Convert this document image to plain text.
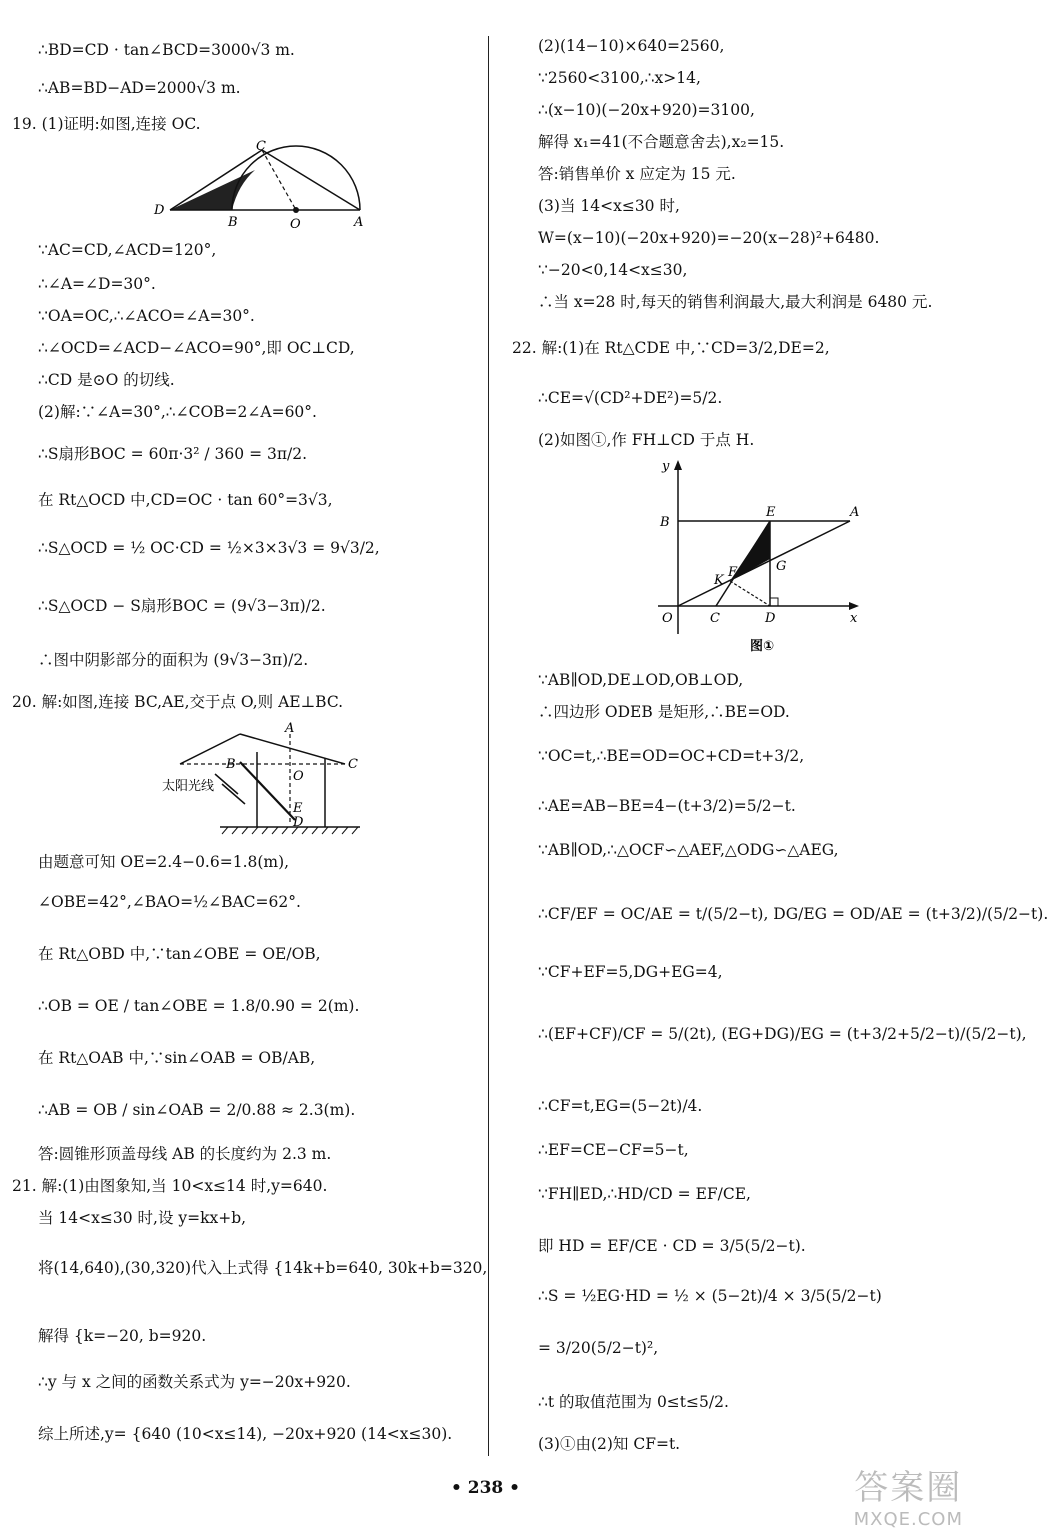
∴BD=CD · tan∠BCD=3000√3 m.
∴AB=BD−AD=2000√3 m.
19. (1)证明:如图,连接 OC.
∵AC=CD,∠ACD=120°,
∴∠A=∠D=30°.
∵OA=OC,∴∠ACO=∠A=30°.
∴∠OCD=∠ACD−∠ACO=90°,即 OC⊥CD,
∴CD 是⊙O 的切线.
(2)解:∵∠A=30°,∴∠COB=2∠A=60°.
∴S扇形BOC = 60π·3² / 360 = 3π/2.
在 Rt△OCD 中,CD=OC · tan 60°=3√3,
∴S△OCD = ½ OC·CD = ½×3×3√3 = 9√3/2,
∴S△OCD − S扇形BOC = (9√3−3π)/2.
∴图中阴影部分的面积为 (9√3−3π)/2.
20. 解:如图,连接 BC,AE,交于点 O,则 AE⊥BC.
由题意可知 OE=2.4−0.6=1.8(m),
∠OBE=42°,∠BAO=½∠BAC=62°.
在 Rt△OBD 中,∵tan∠OBE = OE/OB,
∴OB = OE / tan∠OBE = 1.8/0.90 = 2(m).
在 Rt△OAB 中,∵sin∠OAB = OB/AB,
∴AB = OB / sin∠OAB = 2/0.88 ≈ 2.3(m).
答:圆锥形顶盖母线 AB 的长度约为 2.3 m.
21. 解:(1)由图象知,当 10<x≤14 时,y=640.
当 14<x≤30 时,设 y=kx+b,
将(14,640),(30,320)代入上式得 {14k+b=640, 30k+b=320,
解得 {k=−20, b=920.
∴y 与 x 之间的函数关系式为 y=−20x+920.
综上所述,y= {640 (10<x≤14), −20x+920 (14<x≤30).
(2)(14−10)×640=2560,
∵2560<3100,∴x>14,
∴(x−10)(−20x+920)=3100,
解得 x₁=41(不合题意舍去),x₂=15.
答:销售单价 x 应定为 15 元.
(3)当 14<x≤30 时,
W=(x−10)(−20x+920)=−20(x−28)²+6480.
∵−20<0,14<x≤30,
∴当 x=28 时,每天的销售利润最大,最大利润是 6480 元.
22. 解:(1)在 Rt△CDE 中,∵CD=3/2,DE=2,
∴CE=√(CD²+DE²)=5/2.
(2)如图①,作 FH⊥CD 于点 H.
∵AB∥OD,DE⊥OD,OB⊥OD,
∴四边形 ODEB 是矩形,∴BE=OD.
∵OC=t,∴BE=OD=OC+CD=t+3/2,
∴AE=AB−BE=4−(t+3/2)=5/2−t.
∵AB∥OD,∴△OCF∽△AEF,△ODG∽△AEG,
∴CF/EF = OC/AE = t/(5/2−t), DG/EG = OD/AE = (t+3/2)/(5/2−t).
∵CF+EF=5,DG+EG=4,
∴(EF+CF)/CF = 5/(2t), (EG+DG)/EG = (t+3/2+5/2−t)/(5/2−t),
∴CF=t,EG=(5−2t)/4.
∴EF=CE−CF=5−t,
∵FH∥ED,∴HD/CD = EF/CE,
即 HD = EF/CE · CD = 3/5(5/2−t).
∴S = ½EG·HD = ½ × (5−2t)/4 × 3/5(5/2−t)
= 3/20(5/2−t)²,
∴t 的取值范围为 0≤t≤5/2.
(3)①由(2)知 CF=t.
C
D
B	O	A
A
B	C
O
E
D
太阳光线
y
x
B
E	A
K
F	G
O	C	D
图①
• 238 •	答案圈
MXQE.COM
